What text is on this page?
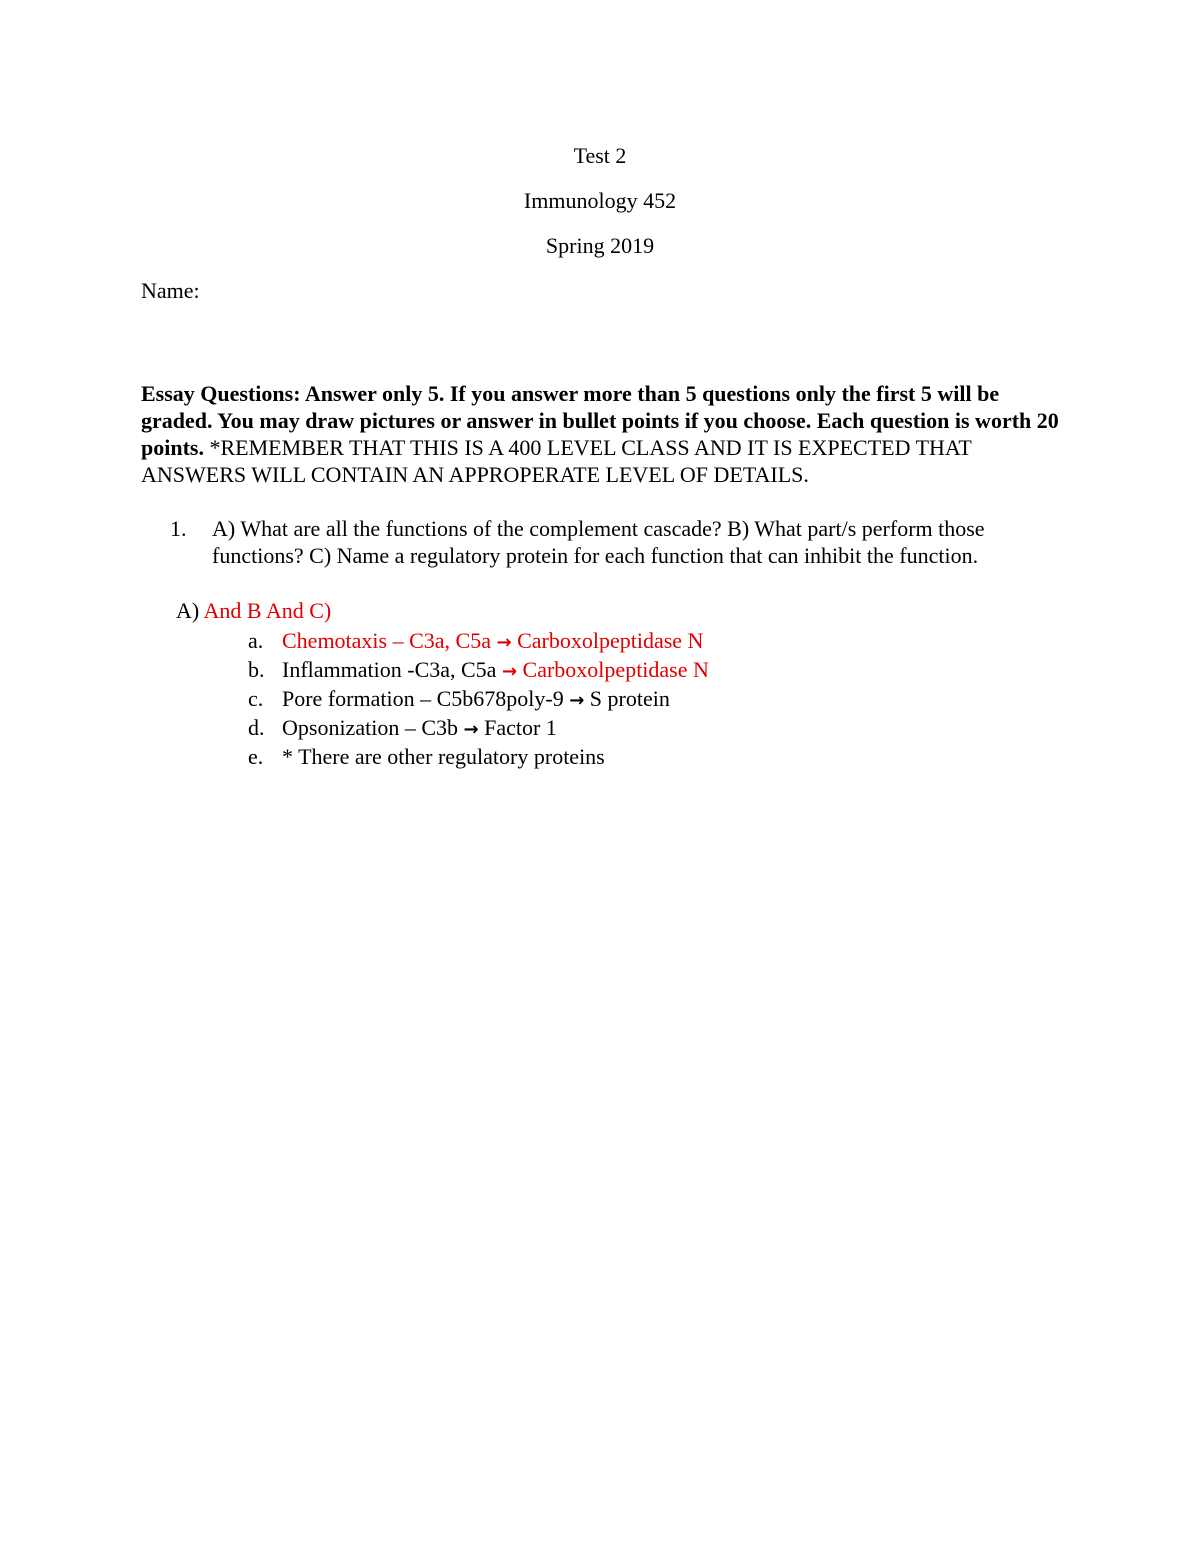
Test 2
Immunology 452
Spring 2019
Name:
Essay Questions: Answer only 5. If you answer more than 5 questions only the first 5 will be graded. You may draw pictures or answer in bullet points if you choose. Each question is worth 20 points. *REMEMBER THAT THIS IS A 400 LEVEL CLASS AND IT IS EXPECTED THAT ANSWERS WILL CONTAIN AN APPROPERATE LEVEL OF DETAILS.
1. A) What are all the functions of the complement cascade? B) What part/s perform those functions? C) Name a regulatory protein for each function that can inhibit the function.
A) And B And C)
a. Chemotaxis – C3a, C5a → Carboxolpeptidase N
b. Inflammation -C3a, C5a → Carboxolpeptidase N
c. Pore formation – C5b678poly-9 → S protein
d. Opsonization – C3b → Factor 1
e. * There are other regulatory proteins
